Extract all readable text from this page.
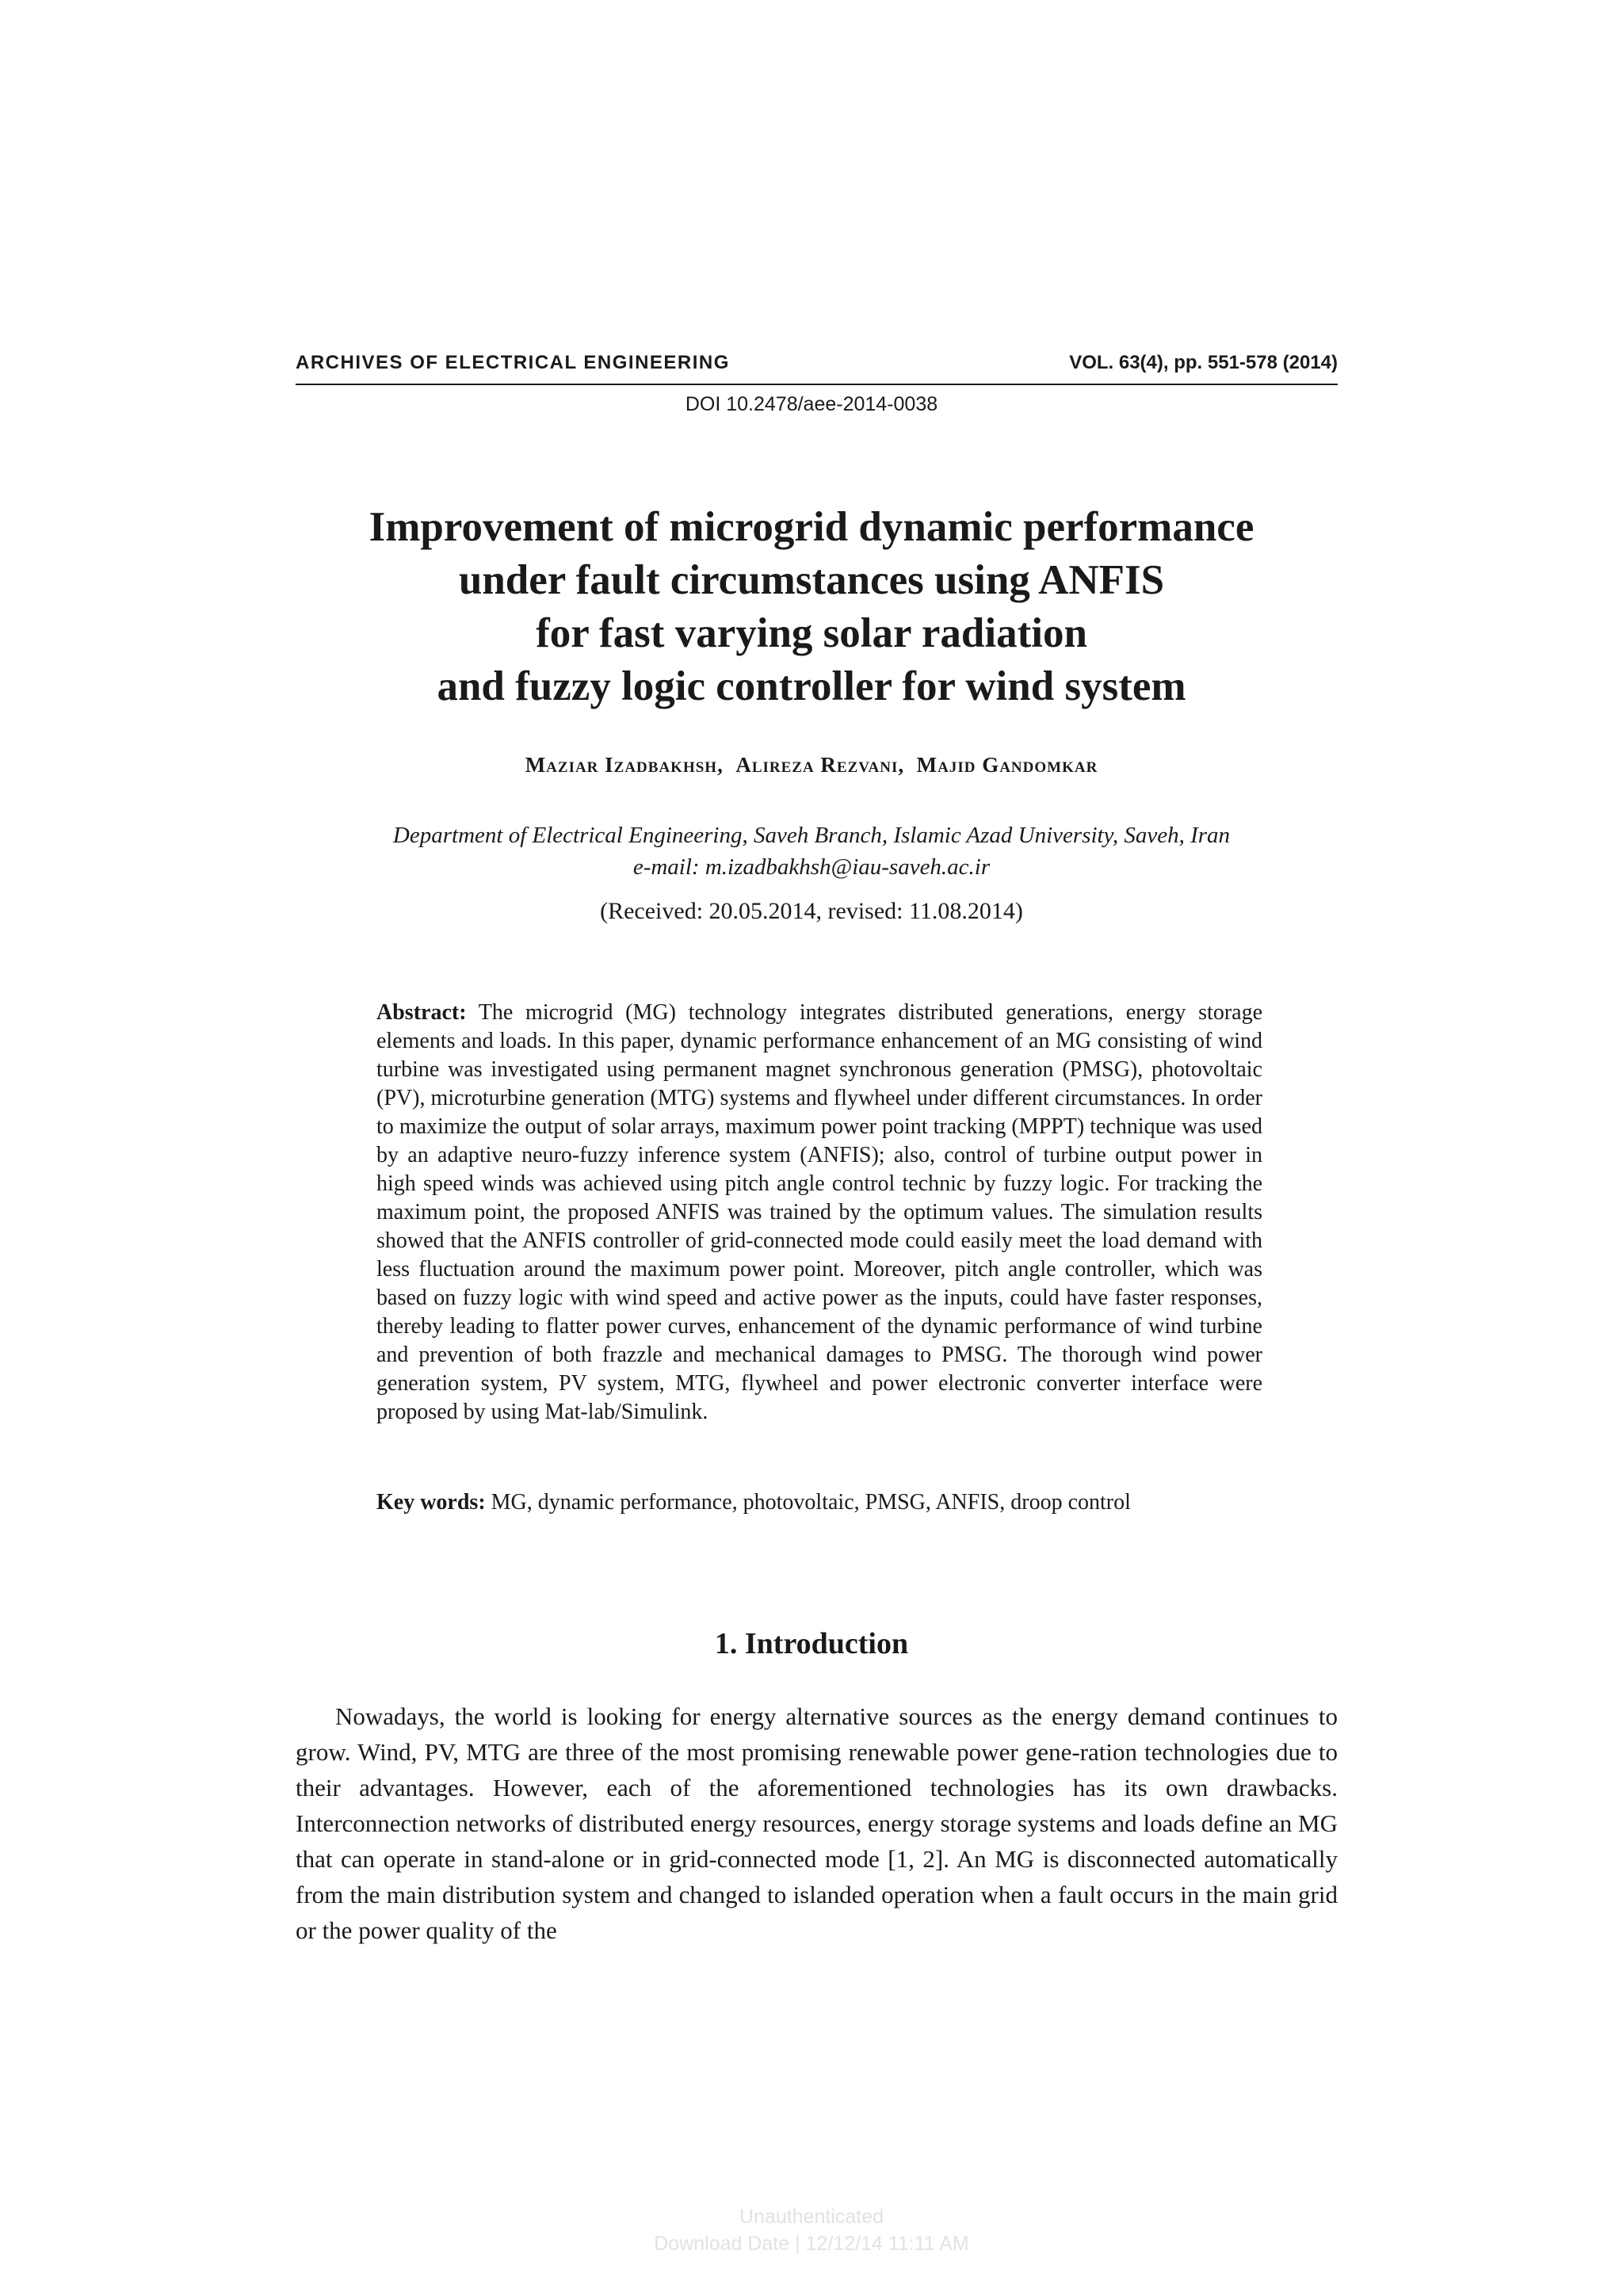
ARCHIVES OF ELECTRICAL ENGINEERING	VOL. 63(4), pp. 551-578 (2014)
DOI 10.2478/aee-2014-0038
Improvement of microgrid dynamic performance
under fault circumstances using ANFIS
for fast varying solar radiation
and fuzzy logic controller for wind system
Maziar Izadbakhsh, Alireza Rezvani, Majid Gandomkar
Department of Electrical Engineering, Saveh Branch, Islamic Azad University, Saveh, Iran
e-mail: m.izadbakhsh@iau-saveh.ac.ir
(Received: 20.05.2014, revised: 11.08.2014)

Abstract: The microgrid (MG) technology integrates distributed generations, energy storage elements and loads. In this paper, dynamic performance enhancement of an MG consisting of wind turbine was investigated using permanent magnet synchronous generation (PMSG), photovoltaic (PV), microturbine generation (MTG) systems and flywheel under different circumstances. In order to maximize the output of solar arrays, maximum power point tracking (MPPT) technique was used by an adaptive neuro-fuzzy inference system (ANFIS); also, control of turbine output power in high speed winds was achieved using pitch angle control technic by fuzzy logic. For tracking the maximum point, the proposed ANFIS was trained by the optimum values. The simulation results showed that the ANFIS controller of grid-connected mode could easily meet the load demand with less fluctuation around the maximum power point. Moreover, pitch angle controller, which was based on fuzzy logic with wind speed and active power as the inputs, could have faster responses, thereby leading to flatter power curves, enhancement of the dynamic performance of wind turbine and prevention of both frazzle and mechanical damages to PMSG. The thorough wind power generation system, PV system, MTG, flywheel and power electronic converter interface were proposed by using Mat-lab/Simulink.

Key words: MG, dynamic performance, photovoltaic, PMSG, ANFIS, droop control

1. Introduction

Nowadays, the world is looking for energy alternative sources as the energy demand continues to grow. Wind, PV, MTG are three of the most promising renewable power gene-ration technologies due to their advantages. However, each of the aforementioned technologies has its own drawbacks. Interconnection networks of distributed energy resources, energy storage systems and loads define an MG that can operate in stand-alone or in grid-connected mode [1, 2]. An MG is disconnected automatically from the main distribution system and changed to islanded operation when a fault occurs in the main grid or the power quality of the

Unauthenticated
Download Date | 12/12/14 11:11 AM
